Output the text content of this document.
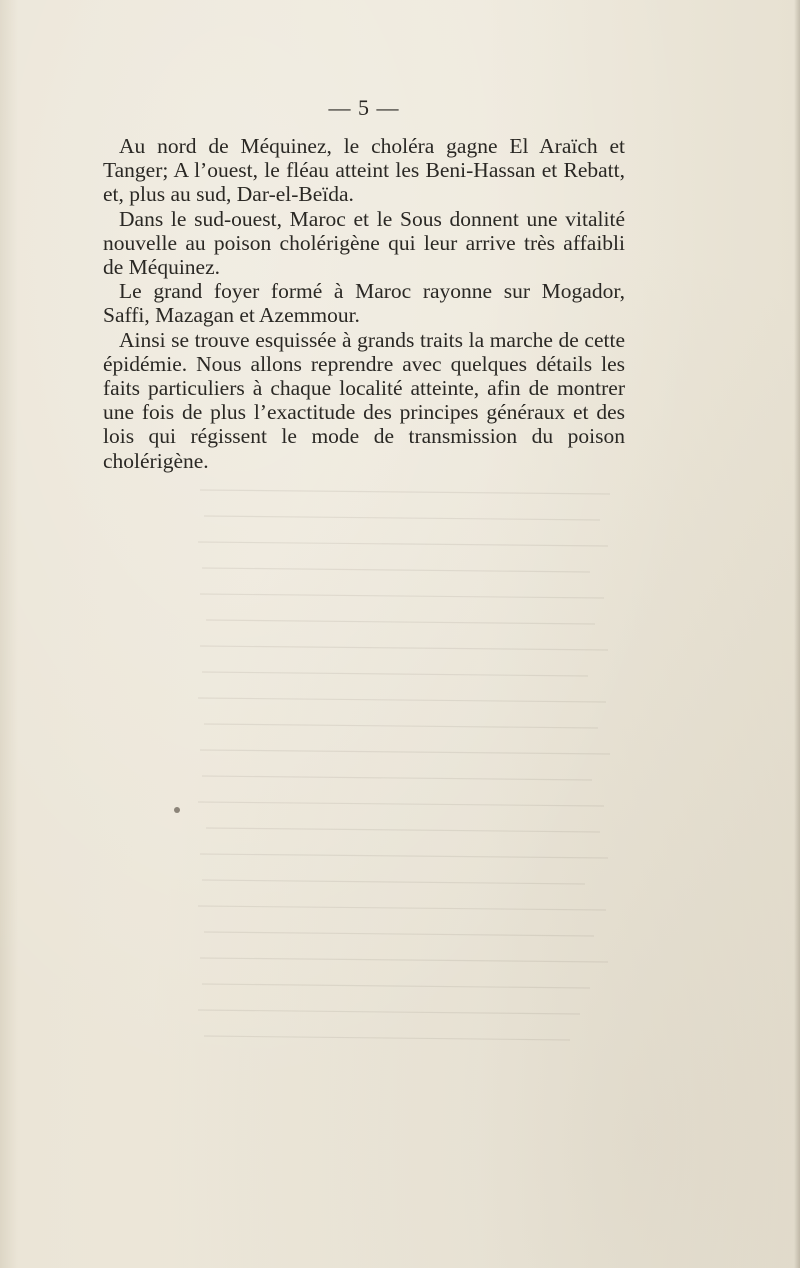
— 5 —

Au nord de Méquinez, le choléra gagne El Araïch et Tanger; A l’ouest, le fléau atteint les Beni-Hassan et Rebatt, et, plus au sud, Dar-el-Beïda.

Dans le sud-ouest, Maroc et le Sous donnent une vitalité nouvelle au poison cholérigène qui leur arrive très affaibli de Méquinez.

Le grand foyer formé à Maroc rayonne sur Mogador, Saffi, Mazagan et Azemmour.

Ainsi se trouve esquissée à grands traits la marche de cette épidémie. Nous allons reprendre avec quelques détails les faits particuliers à chaque localité atteinte, afin de montrer une fois de plus l’exactitude des principes généraux et des lois qui régissent le mode de transmission du poison cholérigène.
